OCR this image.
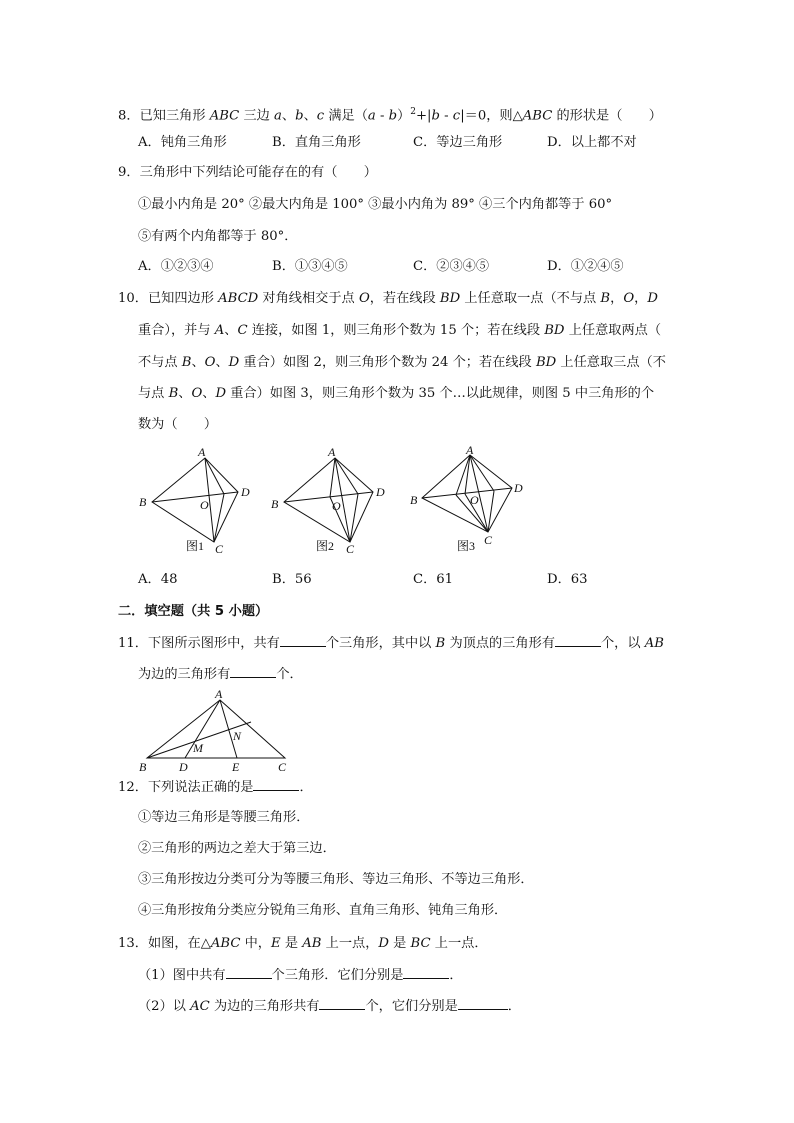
8．已知三角形 ABC 三边 a、b、c 满足（a - b）$^2$+|b - c|＝0，则△ABC 的形状是（　　）
A．钝角三角形	B．直角三角形	C．等边三角形	D．以上都不对
9．三角形中下列结论可能存在的有（　　）
①最小内角是 20° ②最大内角是 100° ③最小内角为 89° ④三个内角都等于 60°
⑤有两个内角都等于 80°．
A．①②③④	B．①③④⑤	C．②③④⑤	D．①②④⑤
10．已知四边形 ABCD 对角线相交于点 O，若在线段 BD 上任意取一点（不与点 B，O，D
重合），并与 A、C 连接，如图 1，则三角形个数为 15 个；若在线段 BD 上任意取两点（
不与点 B、O、D 重合）如图 2，则三角形个数为 24 个；若在线段 BD 上任意取三点（不
与点 B、O、D 重合）如图 3，则三角形个数为 35 个…以此规律，则图 5 中三角形的个
数为（　　）
A
B
D
C
O
A
B
D
C
O
A
B
D
C
O
图1	图2	图3
A．48	B．56	C．61	D．63
二．填空题（共 5 小题）
11．下图所示图形中，共有	个三角形，其中以 B 为顶点的三角形有	个，以 AB
为边的三角形有	个．
A
B	D	E	C
M
N
12．下列说法正确的是	．
①等边三角形是等腰三角形．
②三角形的两边之差大于第三边．
③三角形按边分类可分为等腰三角形、等边三角形、不等边三角形．
④三角形按角分类应分锐角三角形、直角三角形、钝角三角形．
13．如图，在△ABC 中，E 是 AB 上一点，D 是 BC 上一点．
（1）图中共有	个三角形．它们分别是	．
（2）以 AC 为边的三角形共有	个，它们分别是	．
